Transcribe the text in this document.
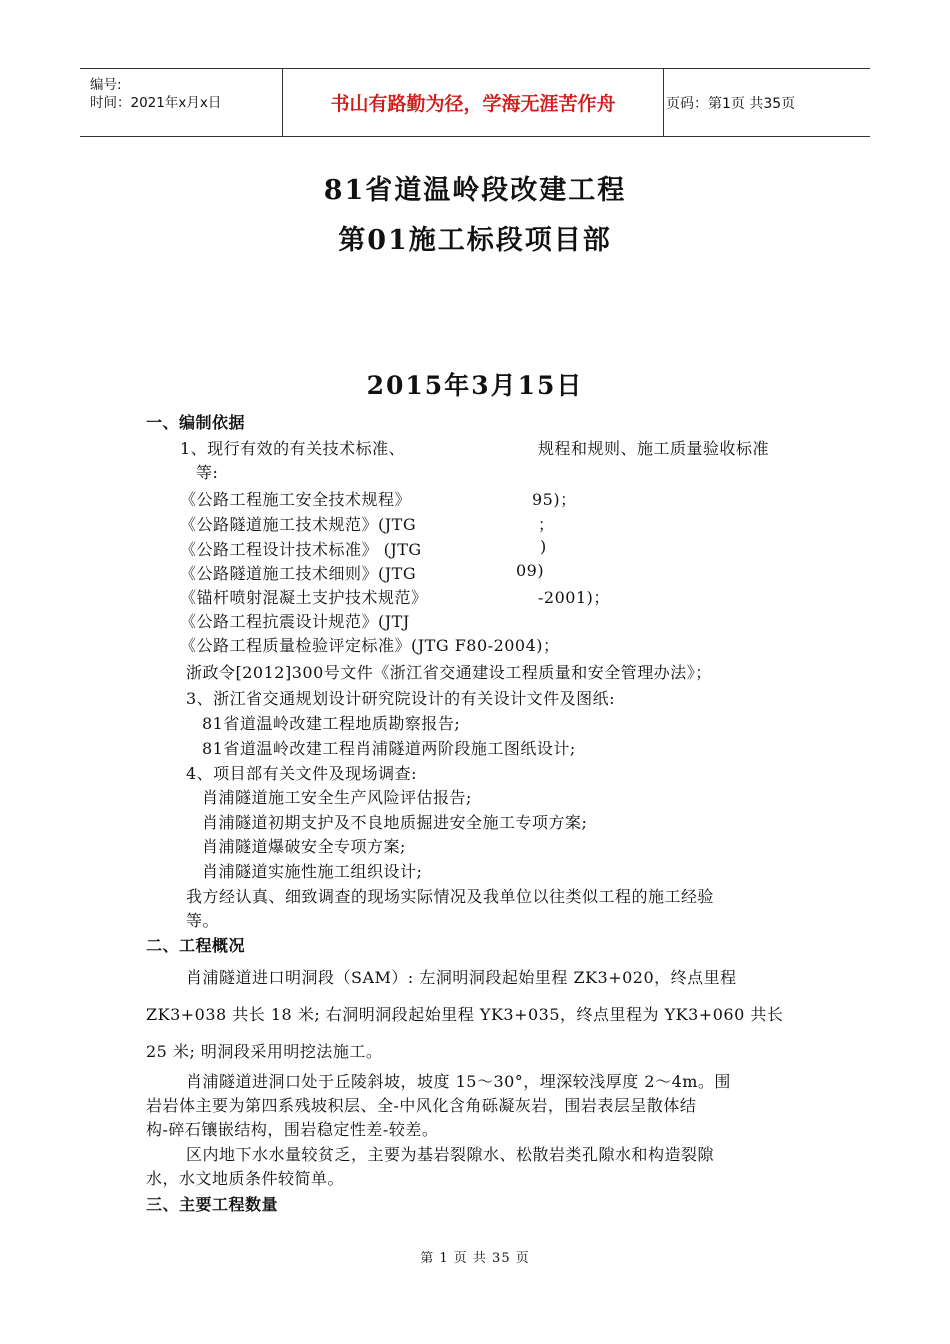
编号:
时间：2021年x月x日	书山有路勤为径，学海无涯苦作舟	页码：第1页 共35页
81省道温岭段改建工程
第01施工标段项目部
2015年3月15日
一、编制依据
1、现行有效的有关技术标准、	规程和规则、施工质量验收标准
等:
《公路工程施工安全技术规程》	95)；
《公路隧道施工技术规范》(JTG	；
《公路工程设计技术标准》 (JTG	)
《公路隧道施工技术细则》(JTG	09)
《锚杆喷射混凝土支护技术规范》	-2001)；
《公路工程抗震设计规范》(JTJ
《公路工程质量检验评定标准》(JTG F80-2004)；
浙政令[2012]300号文件《浙江省交通建设工程质量和安全管理办法》；
3、浙江省交通规划设计研究院设计的有关设计文件及图纸:
81省道温岭改建工程地质勘察报告;
81省道温岭改建工程肖浦隧道两阶段施工图纸设计;
4、项目部有关文件及现场调查:
肖浦隧道施工安全生产风险评估报告;
肖浦隧道初期支护及不良地质掘进安全施工专项方案;
肖浦隧道爆破安全专项方案;
肖浦隧道实施性施工组织设计;
我方经认真、细致调查的现场实际情况及我单位以往类似工程的施工经验
等。
二、工程概况
肖浦隧道进口明洞段（SAM）: 左洞明洞段起始里程 ZK3+020，终点里程
ZK3+038 共长 18 米; 右洞明洞段起始里程 YK3+035，终点里程为 YK3+060 共长
25 米; 明洞段采用明挖法施工。
肖浦隧道进洞口处于丘陵斜坡，坡度 15～30°，埋深较浅厚度 2～4m。围
岩岩体主要为第四系残坡积层、全-中风化含角砾凝灰岩，围岩表层呈散体结
构-碎石镶嵌结构，围岩稳定性差-较差。
区内地下水水量较贫乏，主要为基岩裂隙水、松散岩类孔隙水和构造裂隙
水，水文地质条件较简单。
三、主要工程数量
第 1 页 共 35 页
